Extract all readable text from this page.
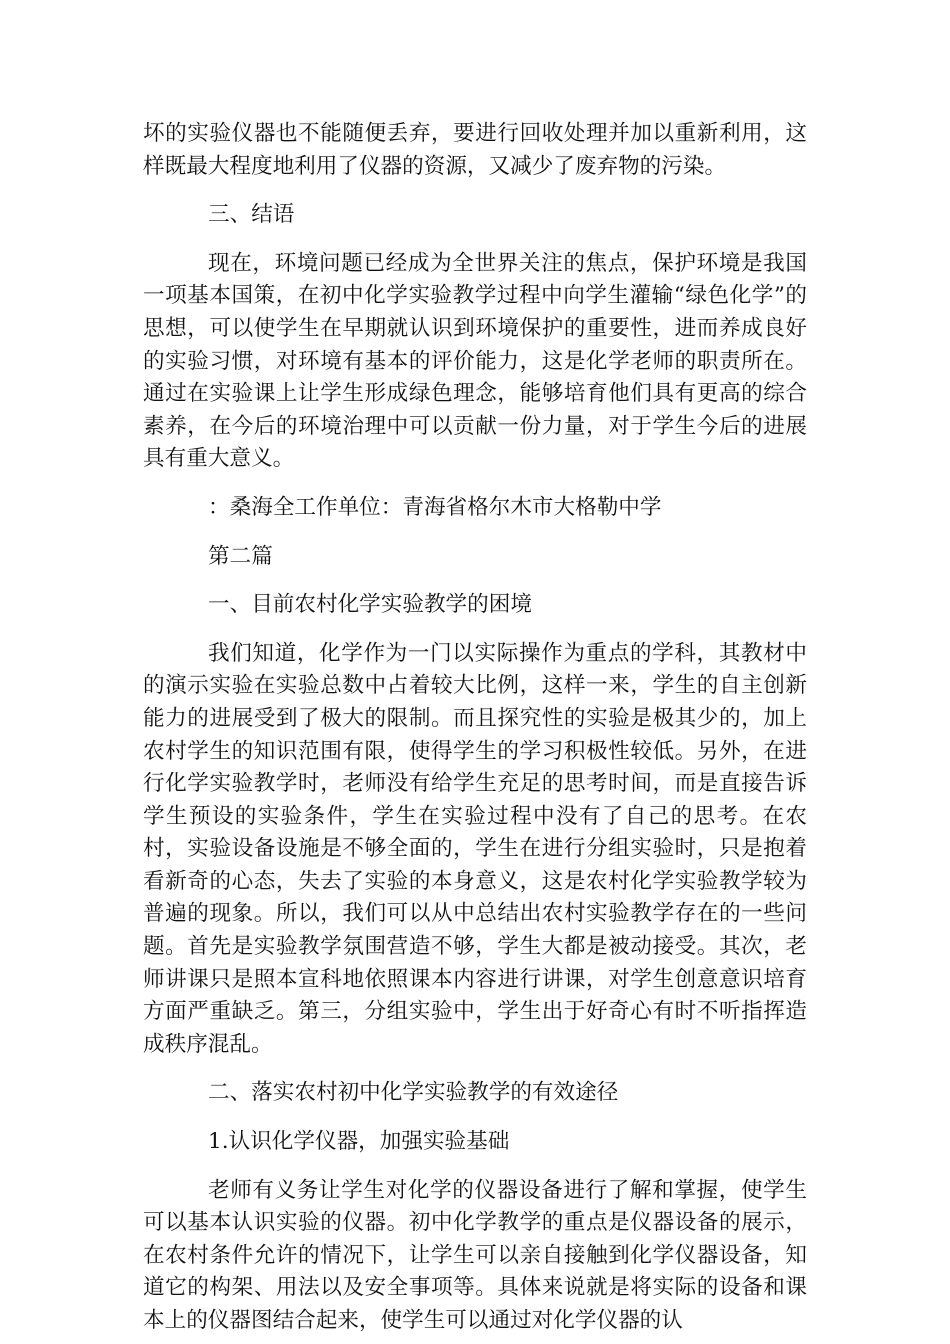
坏的实验仪器也不能随便丢弃，要进行回收处理并加以重新利用，这样既最大程度地利用了仪器的资源，又减少了废弃物的污染。

三、结语

现在，环境问题已经成为全世界关注的焦点，保护环境是我国一项基本国策，在初中化学实验教学过程中向学生灌输“绿色化学”的思想，可以使学生在早期就认识到环境保护的重要性，进而养成良好的实验习惯，对环境有基本的评价能力，这是化学老师的职责所在。通过在实验课上让学生形成绿色理念，能够培育他们具有更高的综合素养，在今后的环境治理中可以贡献一份力量，对于学生今后的进展具有重大意义。

：桑海全工作单位：青海省格尔木市大格勒中学

第二篇

一、目前农村化学实验教学的困境

我们知道，化学作为一门以实际操作为重点的学科，其教材中的演示实验在实验总数中占着较大比例，这样一来，学生的自主创新能力的进展受到了极大的限制。而且探究性的实验是极其少的，加上农村学生的知识范围有限，使得学生的学习积极性较低。另外，在进行化学实验教学时，老师没有给学生充足的思考时间，而是直接告诉学生预设的实验条件，学生在实验过程中没有了自己的思考。在农村，实验设备设施是不够全面的，学生在进行分组实验时，只是抱着看新奇的心态，失去了实验的本身意义，这是农村化学实验教学较为普遍的现象。所以，我们可以从中总结出农村实验教学存在的一些问题。首先是实验教学氛围营造不够，学生大都是被动接受。其次，老师讲课只是照本宣科地依照课本内容进行讲课，对学生创意意识培育方面严重缺乏。第三，分组实验中，学生出于好奇心有时不听指挥造成秩序混乱。

二、落实农村初中化学实验教学的有效途径

1.认识化学仪器，加强实验基础

老师有义务让学生对化学的仪器设备进行了解和掌握，使学生可以基本认识实验的仪器。初中化学教学的重点是仪器设备的展示，在农村条件允许的情况下，让学生可以亲自接触到化学仪器设备，知道它的构架、用法以及安全事项等。具体来说就是将实际的设备和课本上的仪器图结合起来，使学生可以通过对化学仪器的认
